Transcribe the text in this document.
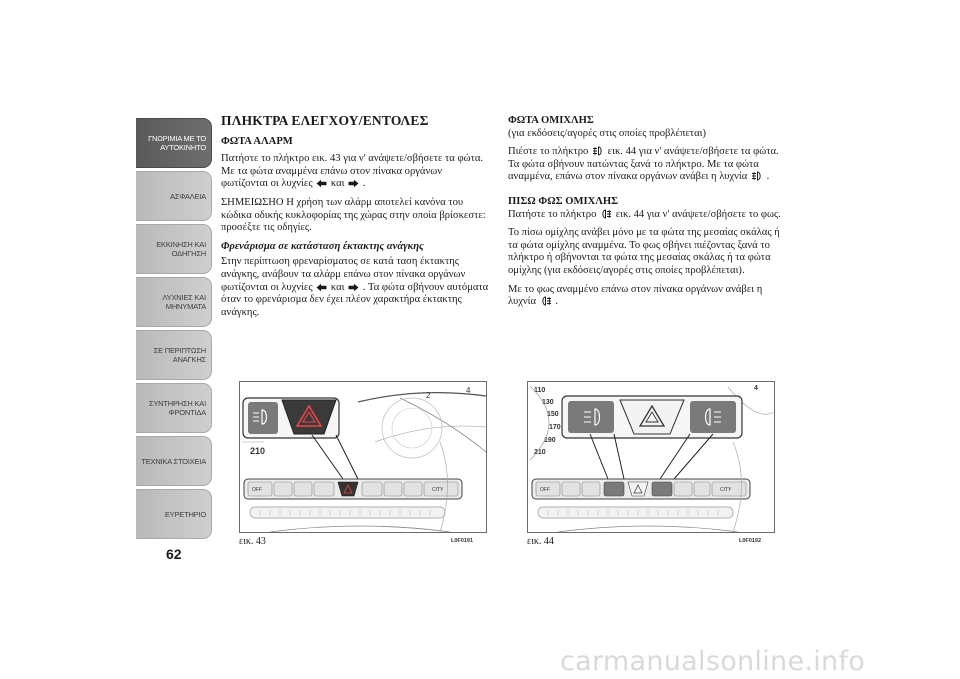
ΓΝΩΡΙΜΙΑ ΜΕ ΤΟ ΑΥΤΟΚΙΝΗΤΟ
ΑΣΦΑΛΕΙΑ
ΕΚΚΙΝΗΣΗ ΚΑΙ ΟΔΗΓΗΣΗ
ΛΥΧΝΙΕΣ ΚΑΙ ΜΗΝΥΜΑΤΑ
ΣΕ ΠΕΡΙΠΤΩΣΗ ΑΝΑΓΚΗΣ
ΣΥΝΤΗΡΗΣΗ ΚΑΙ ΦΡΟΝΤΙΔΑ
ΤΕΧΝΙΚΑ ΣΤΟΙΧΕΙΑ
ΕΥΡΕΤΗΡΙΟ
62
ΠΛΗΚΤΡΑ ΕΛΕΓΧΟΥ/ΕΝΤΟΛΕΣ
ΦΩΤΑ ΑΛΑΡΜ

Πατήστε το πλήκτρο εικ. 43 για ν' ανάψετε/σβήσετε τα φώτα. Με τα φώτα αναμμένα επάνω στον πίνακα οργάνων φωτίζονται οι λυχνίες και .

ΣΗΜΕΙΩΣΗΟ Η χρήση των αλάρμ αποτελεί κανόνα του κώδικα οδικής κυκλοφορίας της χώρας στην οποία βρίσκεστε: προσέξτε τις οδηγίες.

Φρενάρισμα σε κατάσταση έκτακτης ανάγκης

Στην περίπτωση φρεναρίσματος σε κατά ταση έκτακτης ανάγκης, ανάβουν τα αλάρμ επάνω στον πίνακα οργάνων φωτίζονται οι λυχνίες και . Τα φώτα σβήνουν αυτόματα όταν το φρενάρισμα δεν έχει πλέον χαρακτήρα έκτακτης ανάγκης.

ΦΩΤΑ ΟΜΙΧΛΗΣ

(για εκδόσεις/αγορές στις οποίες προβλέπεται)

Πιέστε το πλήκτρο εικ. 44 για ν' ανάψετε/σβήσετε τα φώτα. Τα φώτα σβήνουν πατώντας ξανά το πλήκτρο. Με τα φώτα αναμμένα, επάνω στον πίνακα οργάνων ανάβει η λυχνία .

ΠΙΣΩ ΦΩΣ ΟΜΙΧΛΗΣ

Πατήστε το πλήκτρο εικ. 44 για ν' ανάψετε/σβήσετε το φως.

Το πίσω ομίχλης ανάβει μόνο με τα φώτα της μεσαίας σκάλας ή τα φώτα ομίχλης αναμμένα. Το φως σβήνει πιέζοντας ξανά το πλήκτρο ή σβήνονται τα φώτα της μεσαίας σκάλας ή τα φώτα ομίχλης (για εκδόσεις/αγορές στις οποίες προβλέπεται).

Με το φως αναμμένο επάνω στον πίνακα οργάνων ανάβει η λυχνία .

2
4
210
OFF	CITY
εικ. 43	L0F0191
110
130
150
170
190
210
4
OFF	CITY
εικ. 44	L0F0192
carmanualsonline.info
